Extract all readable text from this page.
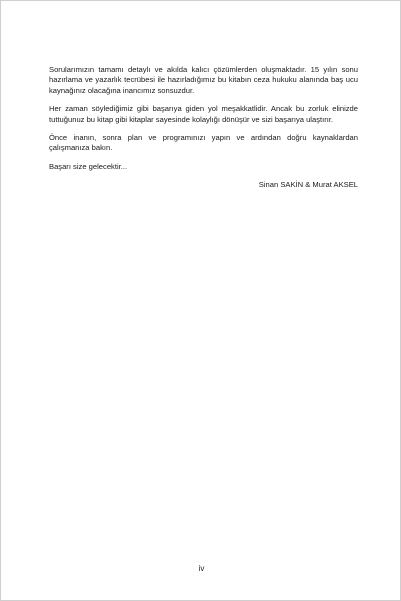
Sorularımızın tamamı detaylı ve akılda kalıcı çözümlerden oluşmaktadır. 15 yılın sonu hazırlama ve yazarlık tecrübesi ile hazırladığımız bu kitabın ceza hukuku alanında baş ucu kaynağınız olacağına inancımız sonsuzdur.

Her zaman söylediğimiz gibi başarıya giden yol meşakkatlidir. Ancak bu zorluk elinizde tuttuğunuz bu kitap gibi kitaplar sayesinde kolaylığı dönüşür ve sizi başarıya ulaştırır.

Önce inanın, sonra plan ve programınızı yapın ve ardından doğru kaynaklardan çalışmanıza bakın.

Başarı size gelecektir...

Sinan SAKİN & Murat AKSEL

iv
